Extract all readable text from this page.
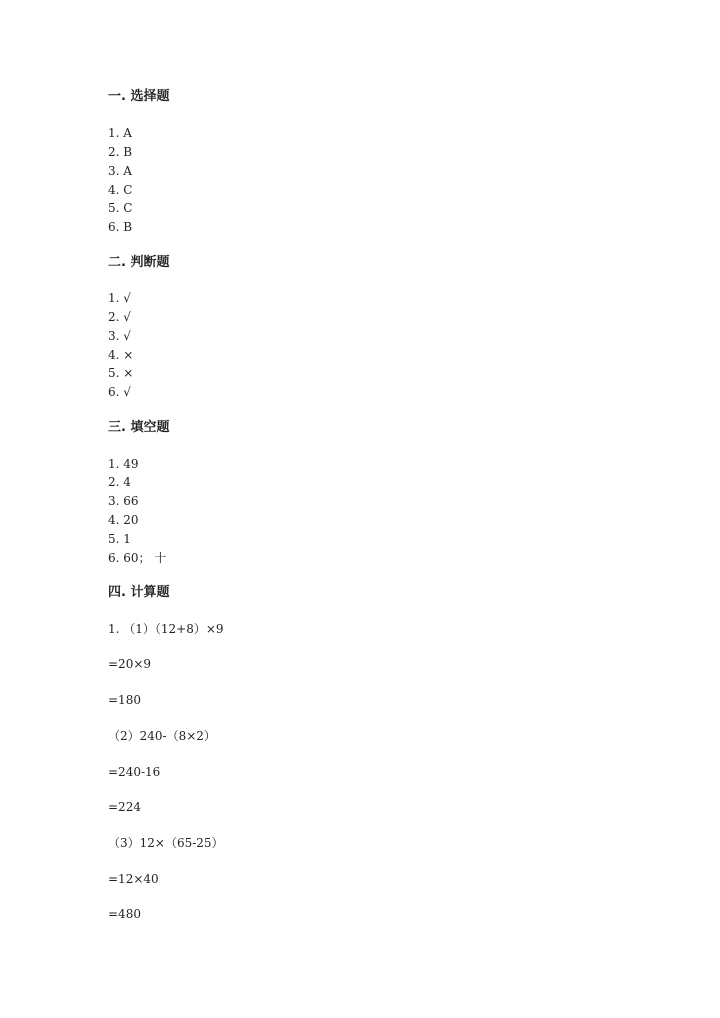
一. 选择题
1. A
2. B
3. A
4. C
5. C
6. B
二. 判断题
1. √
2. √
3. √
4. ×
5. ×
6. √
三. 填空题
1. 49
2. 4
3. 66
4. 20
5. 1
6. 60； 十
四. 计算题
1. （1）（12+8）×9
=20×9
=180
（2）240-（8×2）
=240-16
=224
（3）12×（65-25）
=12×40
=480
